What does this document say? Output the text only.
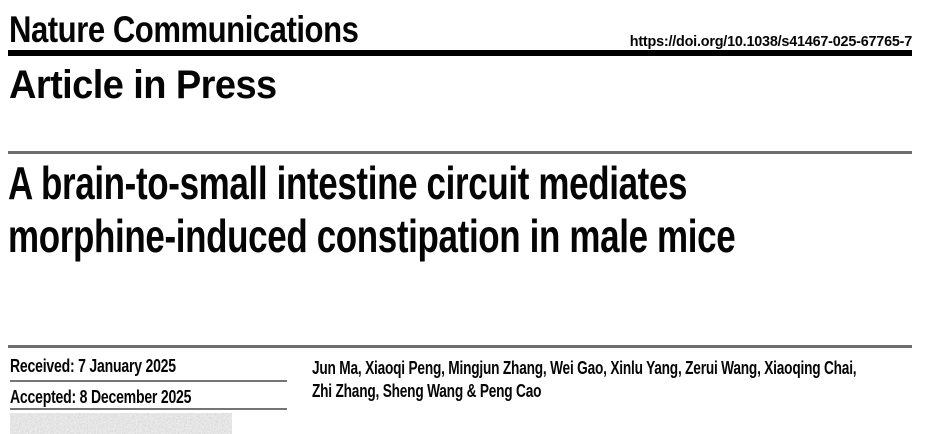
Nature Communications	https://doi.org/10.1038/s41467-025-67765-7
Article in Press
A brain-to-small intestine circuit mediates
morphine-induced constipation in male mice
Received: 7 January 2025
Accepted: 8 December 2025
Jun Ma, Xiaoqi Peng, Mingjun Zhang, Wei Gao, Xinlu Yang, Zerui Wang, Xiaoqing Chai,
Zhi Zhang, Sheng Wang & Peng Cao
